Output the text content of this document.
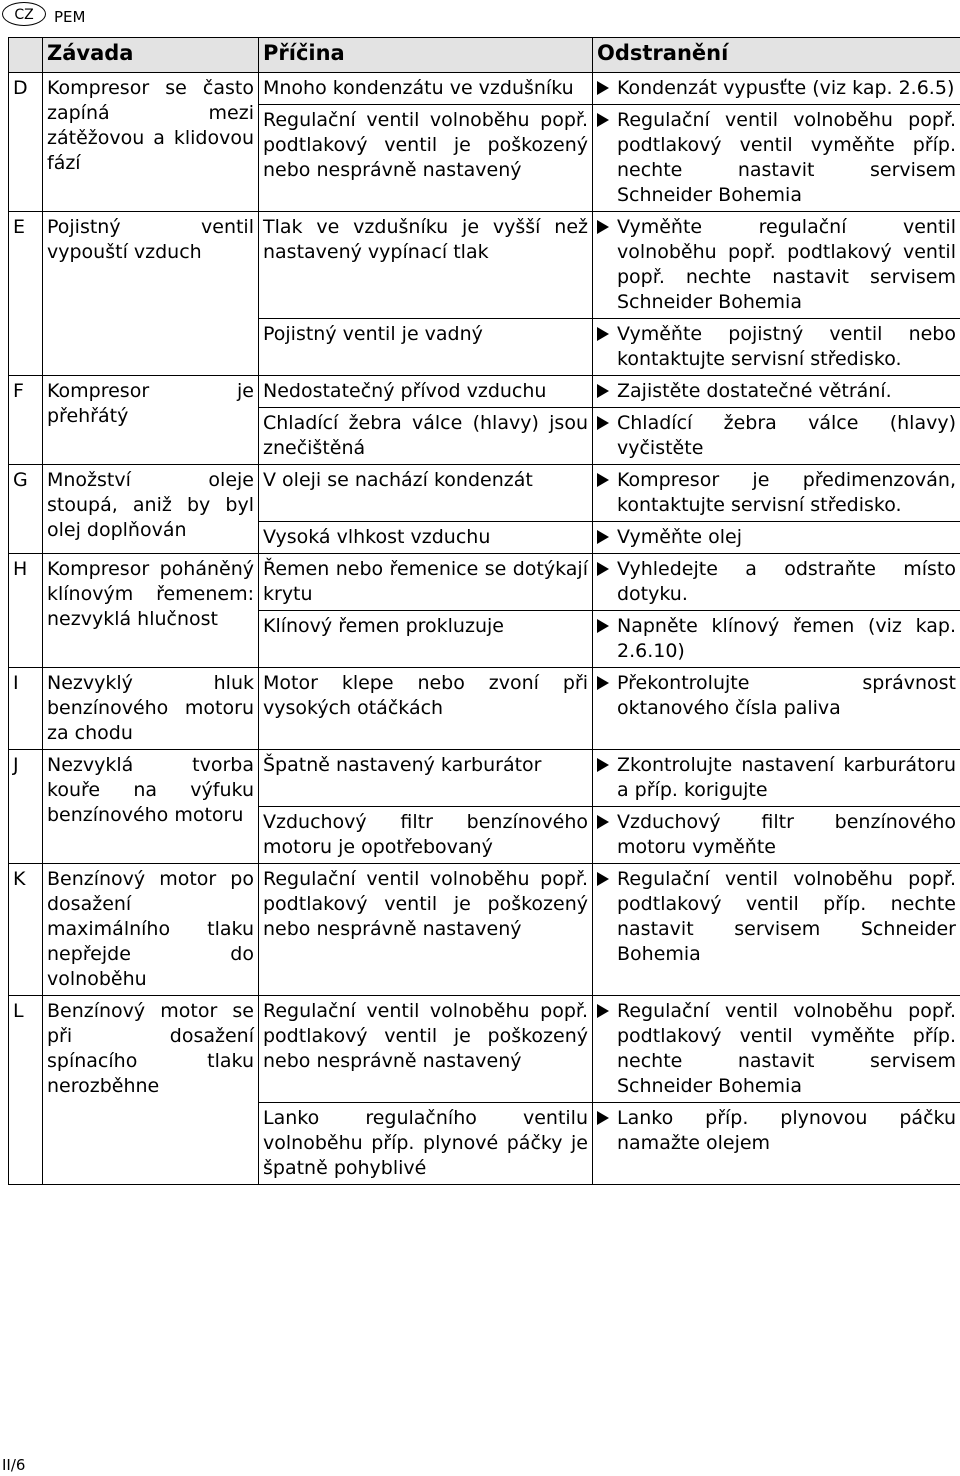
CZ	PEM
	Závada	Příčina	Odstranění
D	Kompresor se často zapíná mezi zátěžovou a klidovou fází	Mnoho kondenzátu ve vzdušníku	Kondenzát vypusťte (viz kap. 2.6.5)

		Regulační ventil volnoběhu popř. podtlakový ventil je poškozený nebo nesprávně nastavený	Regulační ventil volnoběhu popř. podtlakový ventil vyměňte příp. nechte nastavit servisem Schneider Bohemia

E	Pojistný ventil vypouští vzduch	Tlak ve vzdušníku je vyšší než nastavený vypínací tlak	Vyměňte regulační ventil volnoběhu popř. podtlakový ventil popř. nechte nastavit servisem Schneider Bohemia

		Pojistný ventil je vadný	Vyměňte pojistný ventil nebo kontaktujte servisní středisko.

F	Kompresor je přehřátý	Nedostatečný přívod vzduchu	Zajistěte dostatečné větrání.

		Chladící žebra válce (hlavy) jsou znečištěná	Chladící žebra válce (hlavy) vyčistěte

G	Množství oleje stoupá, aniž by byl olej doplňován	V oleji se nachází kondenzát	Kompresor je předimenzován, kontaktujte servisní středisko.

		Vysoká vlhkost vzduchu	Vyměňte olej

H	Kompresor poháněný klínovým řemenem: nezvyklá hlučnost	Řemen nebo řemenice se dotýkají krytu	Vyhledejte a odstraňte místo dotyku.

		Klínový řemen prokluzuje	Napněte klínový řemen (viz kap. 2.6.10)

I	Nezvyklý hluk benzínového motoru za chodu	Motor klepe nebo zvoní při vysokých otáčkách	Překontrolujte správnost oktanového čísla paliva

J	Nezvyklá tvorba kouře na výfuku benzínového motoru	Špatně nastavený karburátor	Zkontrolujte nastavení karburátoru a příp. korigujte

		Vzduchový filtr benzínového motoru je opotřebovaný	Vzduchový filtr benzínového motoru vyměňte

K	Benzínový motor po dosažení maximálního tlaku nepřejde do volnoběhu	Regulační ventil volnoběhu popř. podtlakový ventil je poškozený nebo nesprávně nastavený	Regulační ventil volnoběhu popř. podtlakový ventil příp. nechte nastavit servisem Schneider Bohemia

L	Benzínový motor se při dosažení spínacího tlaku nerozběhne	Regulační ventil volnoběhu popř. podtlakový ventil je poškozený nebo nesprávně nastavený	Regulační ventil volnoběhu popř. podtlakový ventil vyměňte příp. nechte nastavit servisem Schneider Bohemia

		Lanko regulačního ventilu volnoběhu příp. plynové páčky je špatně pohyblivé	Lanko příp. plynovou páčku namažte olejem
II/6
